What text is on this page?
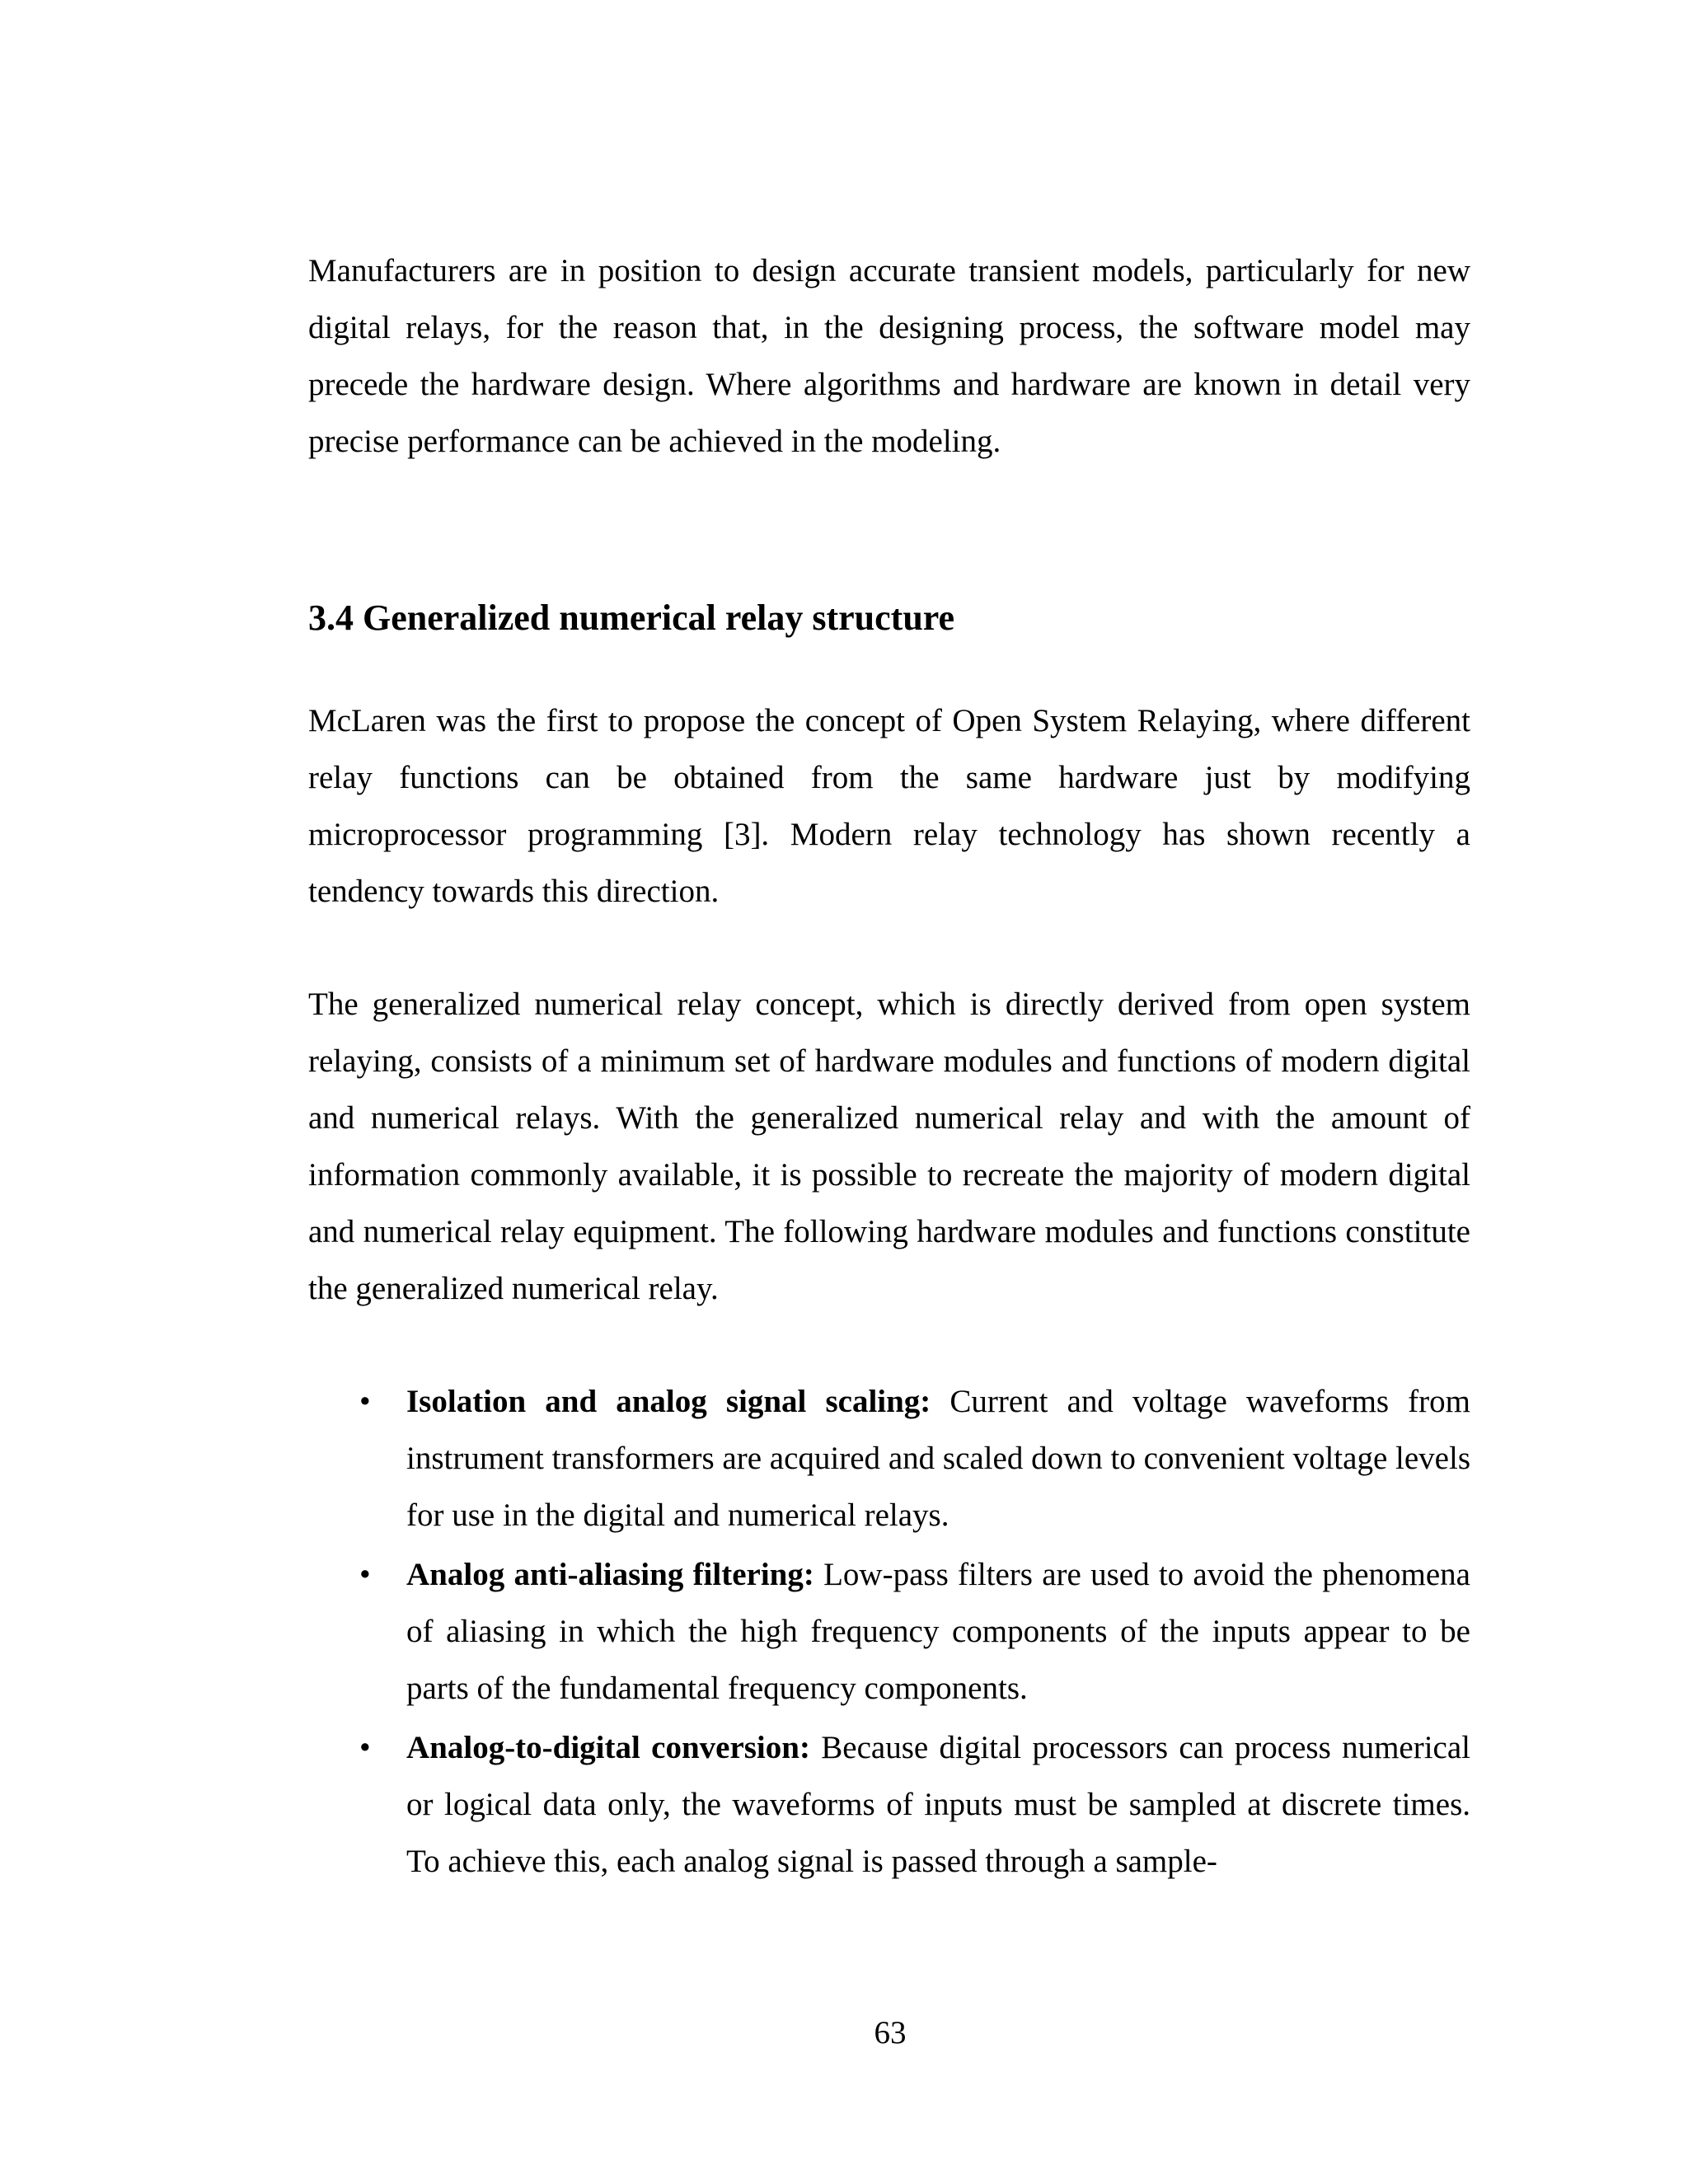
Manufacturers are in position to design accurate transient models, particularly for new digital relays, for the reason that, in the designing process, the software model may precede the hardware design. Where algorithms and hardware are known in detail very precise performance can be achieved in the modeling.

3.4 Generalized numerical relay structure

McLaren was the first to propose the concept of Open System Relaying, where different relay functions can be obtained from the same hardware just by modifying microprocessor programming [3]. Modern relay technology has shown recently a tendency towards this direction.

The generalized numerical relay concept, which is directly derived from open system relaying, consists of a minimum set of hardware modules and functions of modern digital and numerical relays. With the generalized numerical relay and with the amount of information commonly available, it is possible to recreate the majority of modern digital and numerical relay equipment. The following hardware modules and functions constitute the generalized numerical relay.

• Isolation and analog signal scaling: Current and voltage waveforms from instrument transformers are acquired and scaled down to convenient voltage levels for use in the digital and numerical relays.
• Analog anti-aliasing filtering: Low-pass filters are used to avoid the phenomena of aliasing in which the high frequency components of the inputs appear to be parts of the fundamental frequency components.
• Analog-to-digital conversion: Because digital processors can process numerical or logical data only, the waveforms of inputs must be sampled at discrete times. To achieve this, each analog signal is passed through a sample-
63
